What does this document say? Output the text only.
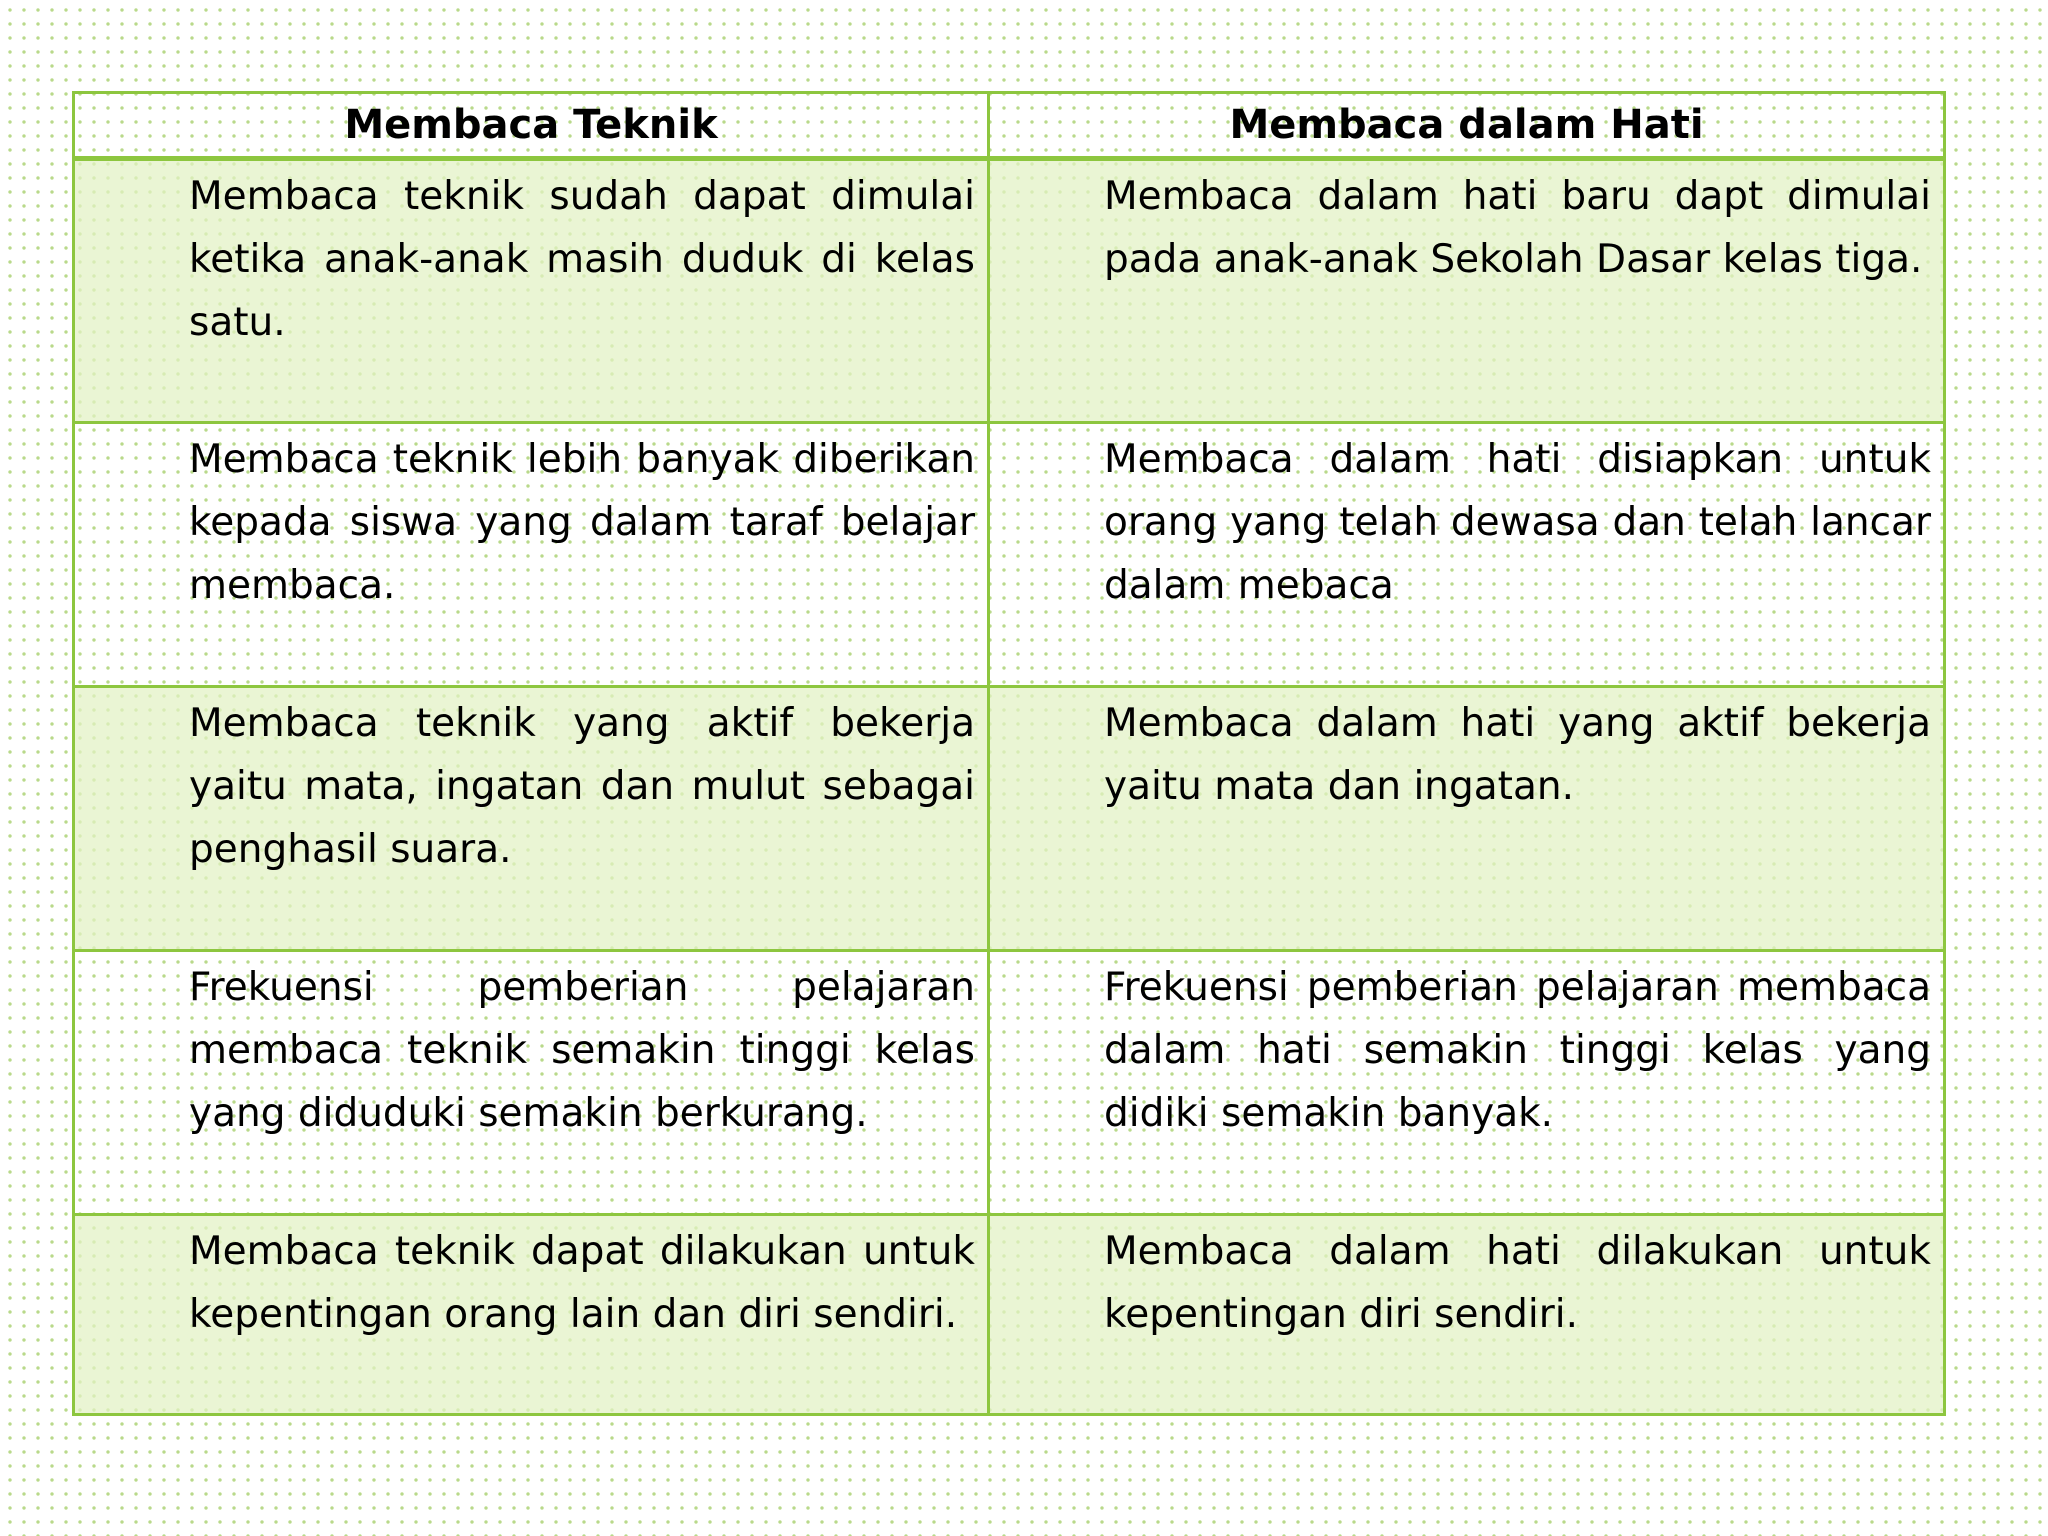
Membaca Teknik	Membaca dalam Hati
Membaca teknik sudah dapat dimulai ketika anak-anak masih duduk di kelas satu.	Membaca dalam hati baru dapt dimulai pada anak-anak Sekolah Dasar kelas tiga.
Membaca teknik lebih banyak diberikan kepada siswa yang dalam taraf belajar membaca.	Membaca dalam hati disiapkan untuk orang yang telah dewasa dan telah lancar dalam mebaca
Membaca teknik yang aktif bekerja yaitu mata, ingatan dan mulut sebagai penghasil suara.	Membaca dalam hati yang aktif bekerja yaitu mata dan ingatan.
Frekuensi pemberian pelajaran membaca teknik semakin tinggi kelas yang diduduki semakin berkurang.	Frekuensi pemberian pelajaran membaca dalam hati semakin tinggi kelas yang didiki semakin banyak.
Membaca teknik dapat dilakukan untuk kepentingan orang lain dan diri sendiri.	Membaca dalam hati dilakukan untuk kepentingan diri sendiri.
